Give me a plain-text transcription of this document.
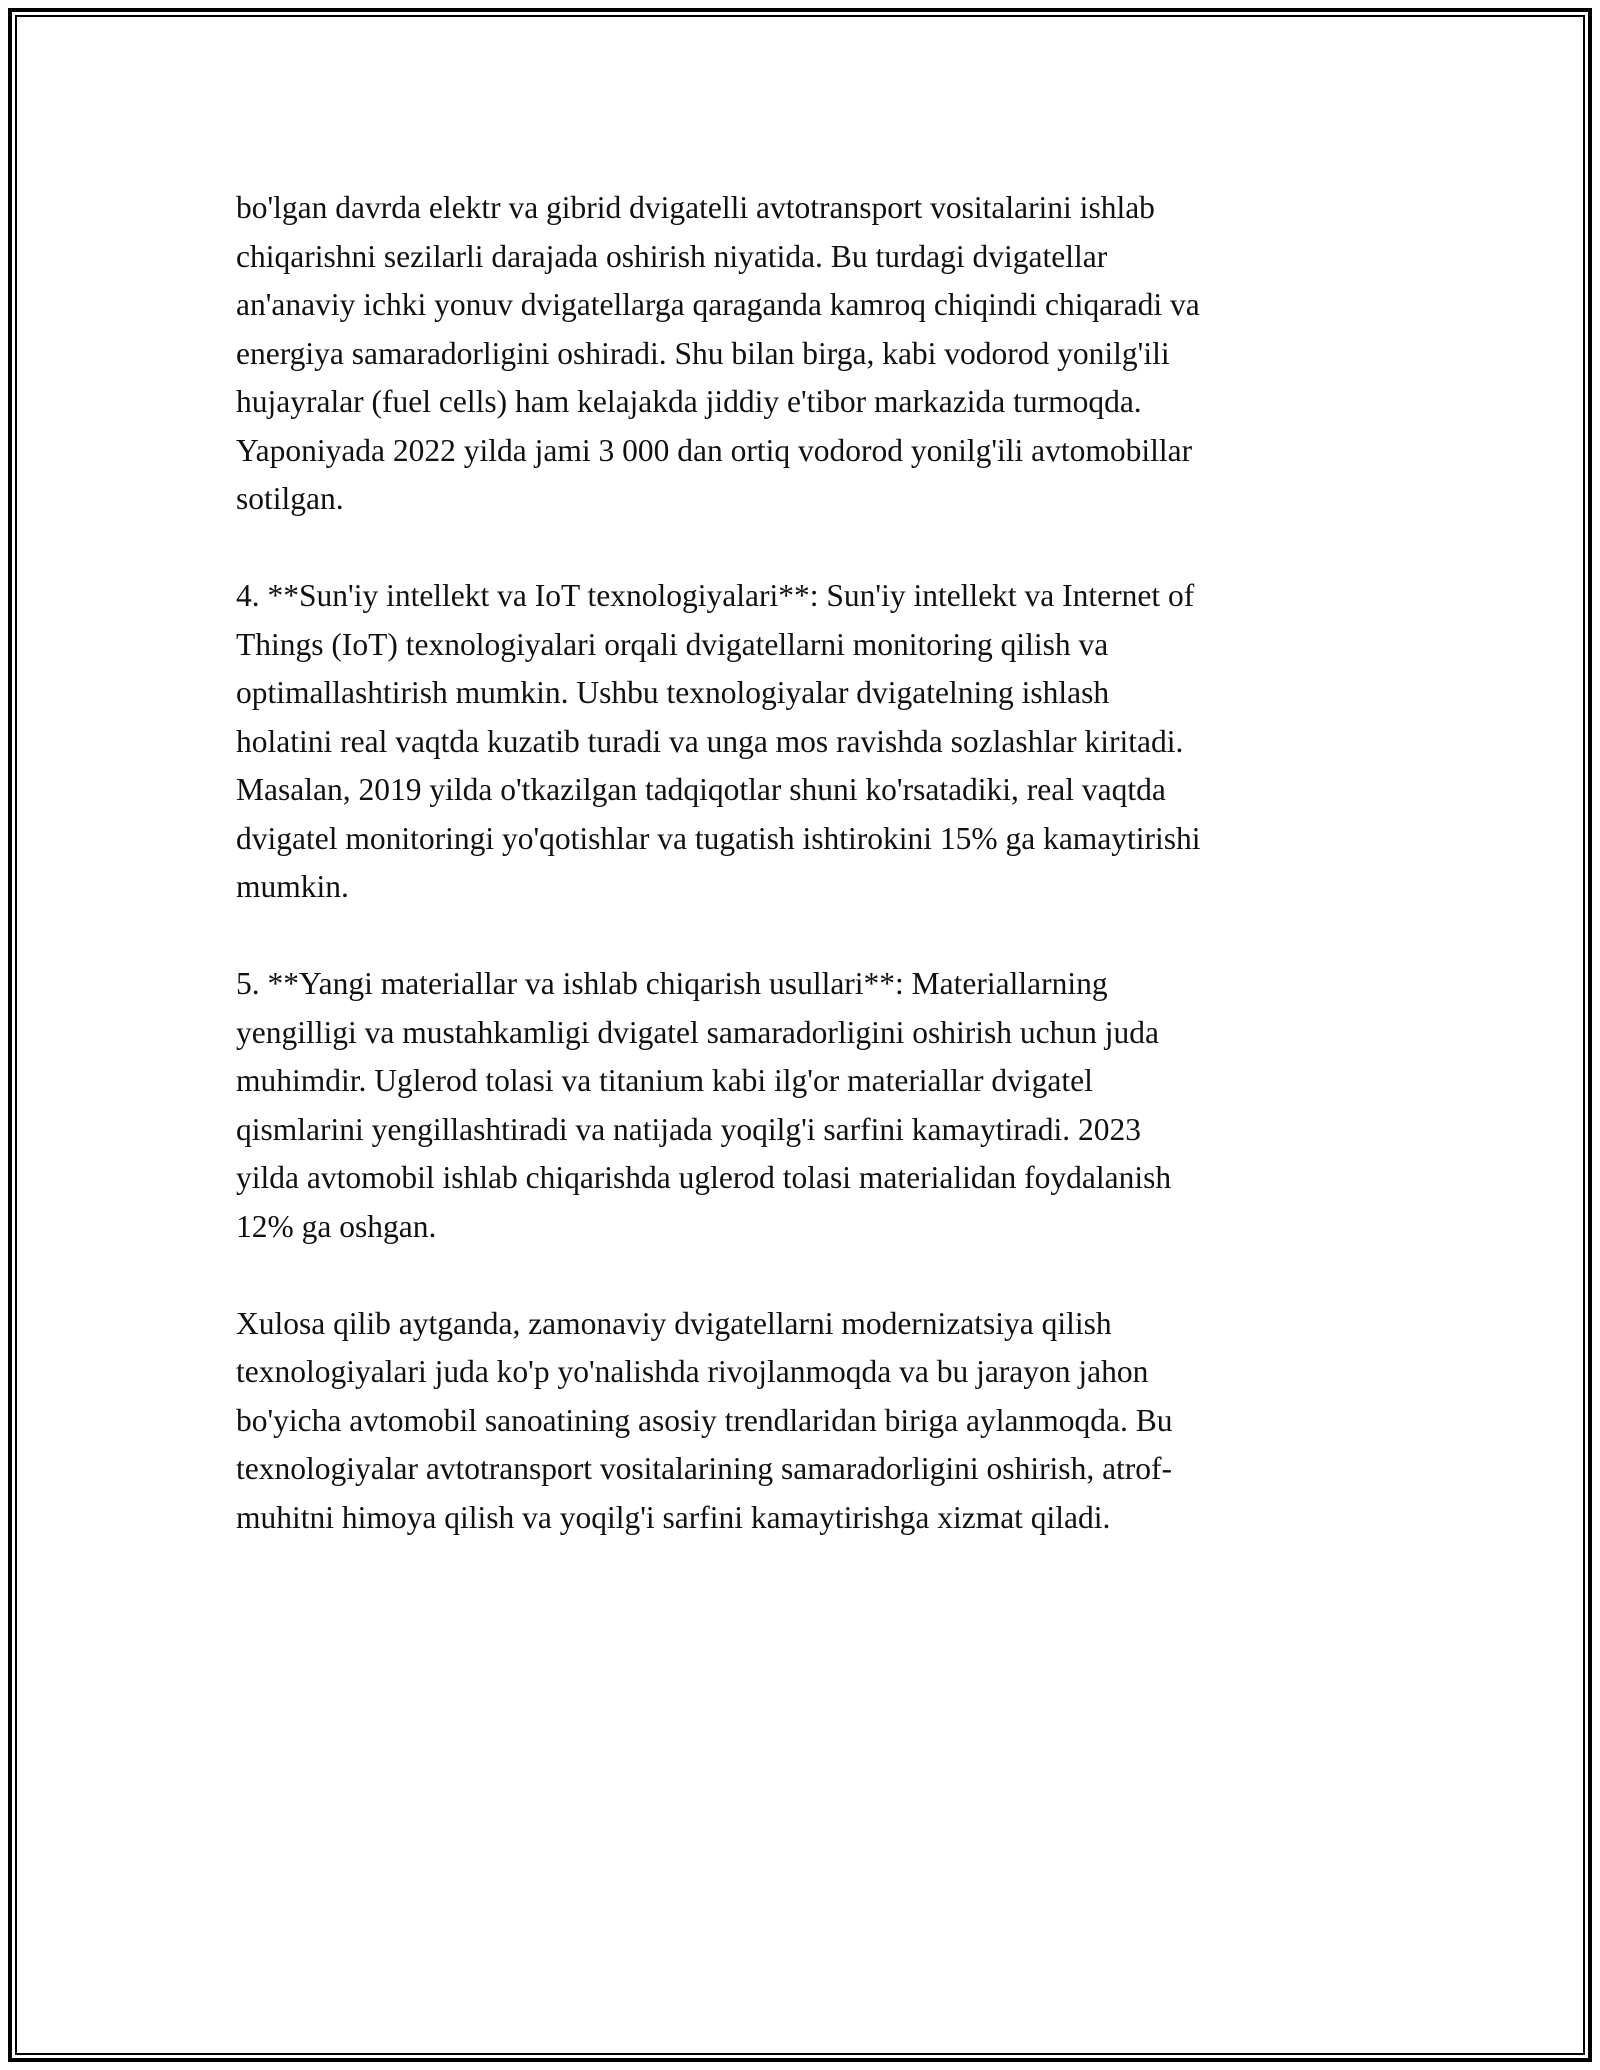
bo'lgan davrda elektr va gibrid dvigatelli avtotransport vositalarini ishlab
chiqarishni sezilarli darajada oshirish niyatida. Bu turdagi dvigatellar
an'anaviy ichki yonuv dvigatellarga qaraganda kamroq chiqindi chiqaradi va
energiya samaradorligini oshiradi. Shu bilan birga, kabi vodorod yonilg'ili
hujayralar (fuel cells) ham kelajakda jiddiy e'tibor markazida turmoqda.
Yaponiyada 2022 yilda jami 3 000 dan ortiq vodorod yonilg'ili avtomobillar
sotilgan.

4. **Sun'iy intellekt va IoT texnologiyalari**: Sun'iy intellekt va Internet of
Things (IoT) texnologiyalari orqali dvigatellarni monitoring qilish va
optimallashtirish mumkin. Ushbu texnologiyalar dvigatelning ishlash
holatini real vaqtda kuzatib turadi va unga mos ravishda sozlashlar kiritadi.
Masalan, 2019 yilda o'tkazilgan tadqiqotlar shuni ko'rsatadiki, real vaqtda
dvigatel monitoringi yo'qotishlar va tugatish ishtirokini 15% ga kamaytirishi
mumkin.

5. **Yangi materiallar va ishlab chiqarish usullari**: Materiallarning
yengilligi va mustahkamligi dvigatel samaradorligini oshirish uchun juda
muhimdir. Uglerod tolasi va titanium kabi ilg'or materiallar dvigatel
qismlarini yengillashtiradi va natijada yoqilg'i sarfini kamaytiradi. 2023
yilda avtomobil ishlab chiqarishda uglerod tolasi materialidan foydalanish
12% ga oshgan.

Xulosa qilib aytganda, zamonaviy dvigatellarni modernizatsiya qilish
texnologiyalari juda ko'p yo'nalishda rivojlanmoqda va bu jarayon jahon
bo'yicha avtomobil sanoatining asosiy trendlaridan biriga aylanmoqda. Bu
texnologiyalar avtotransport vositalarining samaradorligini oshirish, atrof-
muhitni himoya qilish va yoqilg'i sarfini kamaytirishga xizmat qiladi.
